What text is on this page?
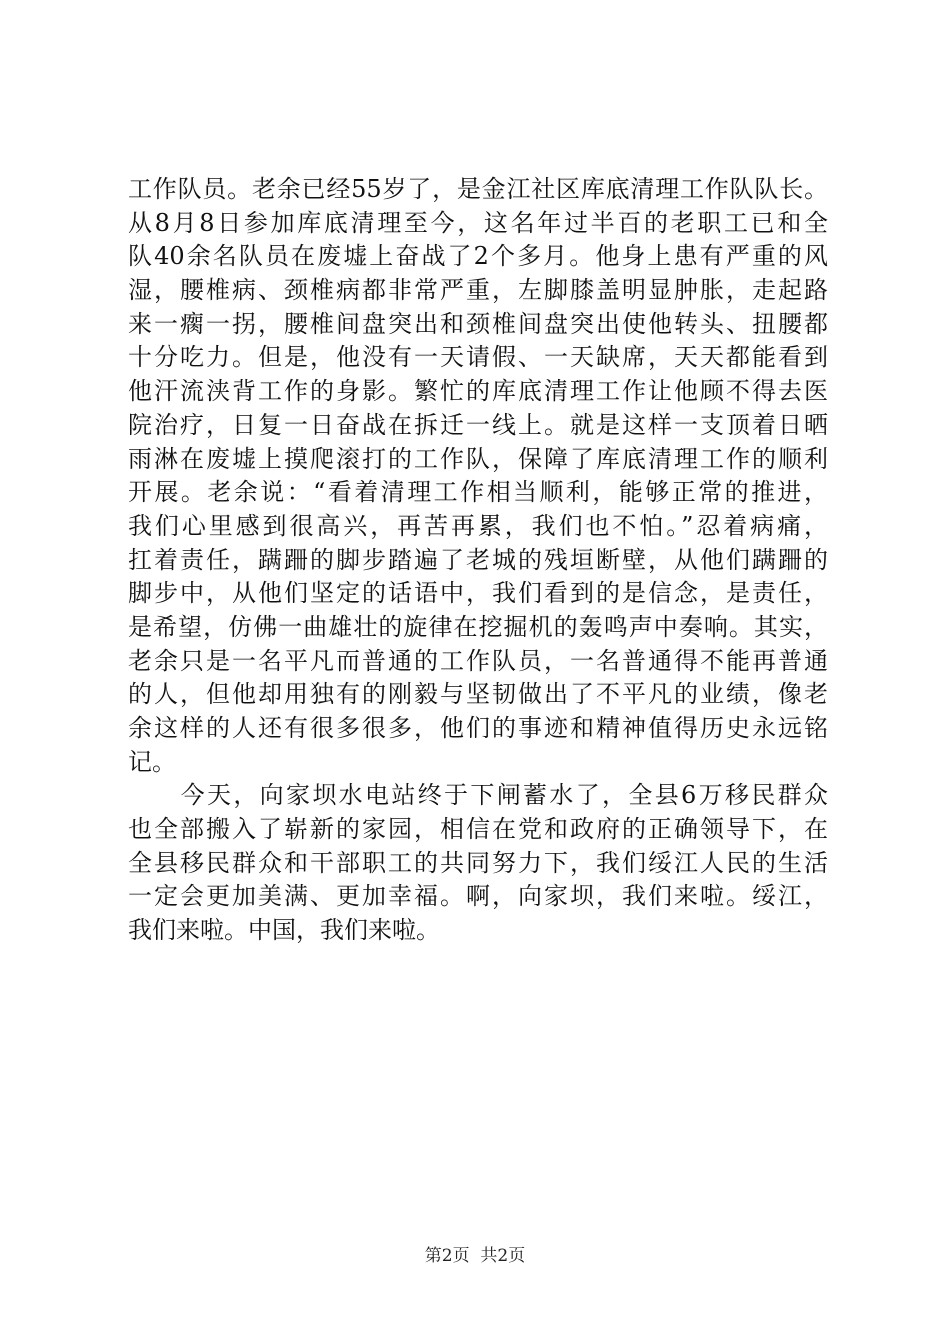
工作队员。老余已经55岁了，是金江社区库底清理工作队队长。
从8月8日参加库底清理至今，这名年过半百的老职工已和全
队40余名队员在废墟上奋战了2个多月。他身上患有严重的风
湿，腰椎病、颈椎病都非常严重，左脚膝盖明显肿胀，走起路
来一瘸一拐，腰椎间盘突出和颈椎间盘突出使他转头、扭腰都
十分吃力。但是，他没有一天请假、一天缺席，天天都能看到
他汗流浃背工作的身影。繁忙的库底清理工作让他顾不得去医
院治疗，日复一日奋战在拆迁一线上。就是这样一支顶着日晒
雨淋在废墟上摸爬滚打的工作队，保障了库底清理工作的顺利
开展。老余说：“看着清理工作相当顺利，能够正常的推进，
我们心里感到很高兴，再苦再累，我们也不怕。”忍着病痛，
扛着责任，蹒跚的脚步踏遍了老城的残垣断壁，从他们蹒跚的
脚步中，从他们坚定的话语中，我们看到的是信念，是责任，
是希望，仿佛一曲雄壮的旋律在挖掘机的轰鸣声中奏响。其实，
老余只是一名平凡而普通的工作队员，一名普通得不能再普通
的人，但他却用独有的刚毅与坚韧做出了不平凡的业绩，像老
余这样的人还有很多很多，他们的事迹和精神值得历史永远铭
记。
　　今天，向家坝水电站终于下闸蓄水了，全县6万移民群众
也全部搬入了崭新的家园，相信在党和政府的正确领导下，在
全县移民群众和干部职工的共同努力下，我们绥江人民的生活
一定会更加美满、更加幸福。啊，向家坝，我们来啦。绥江，
我们来啦。中国，我们来啦。
第2页  共2页
